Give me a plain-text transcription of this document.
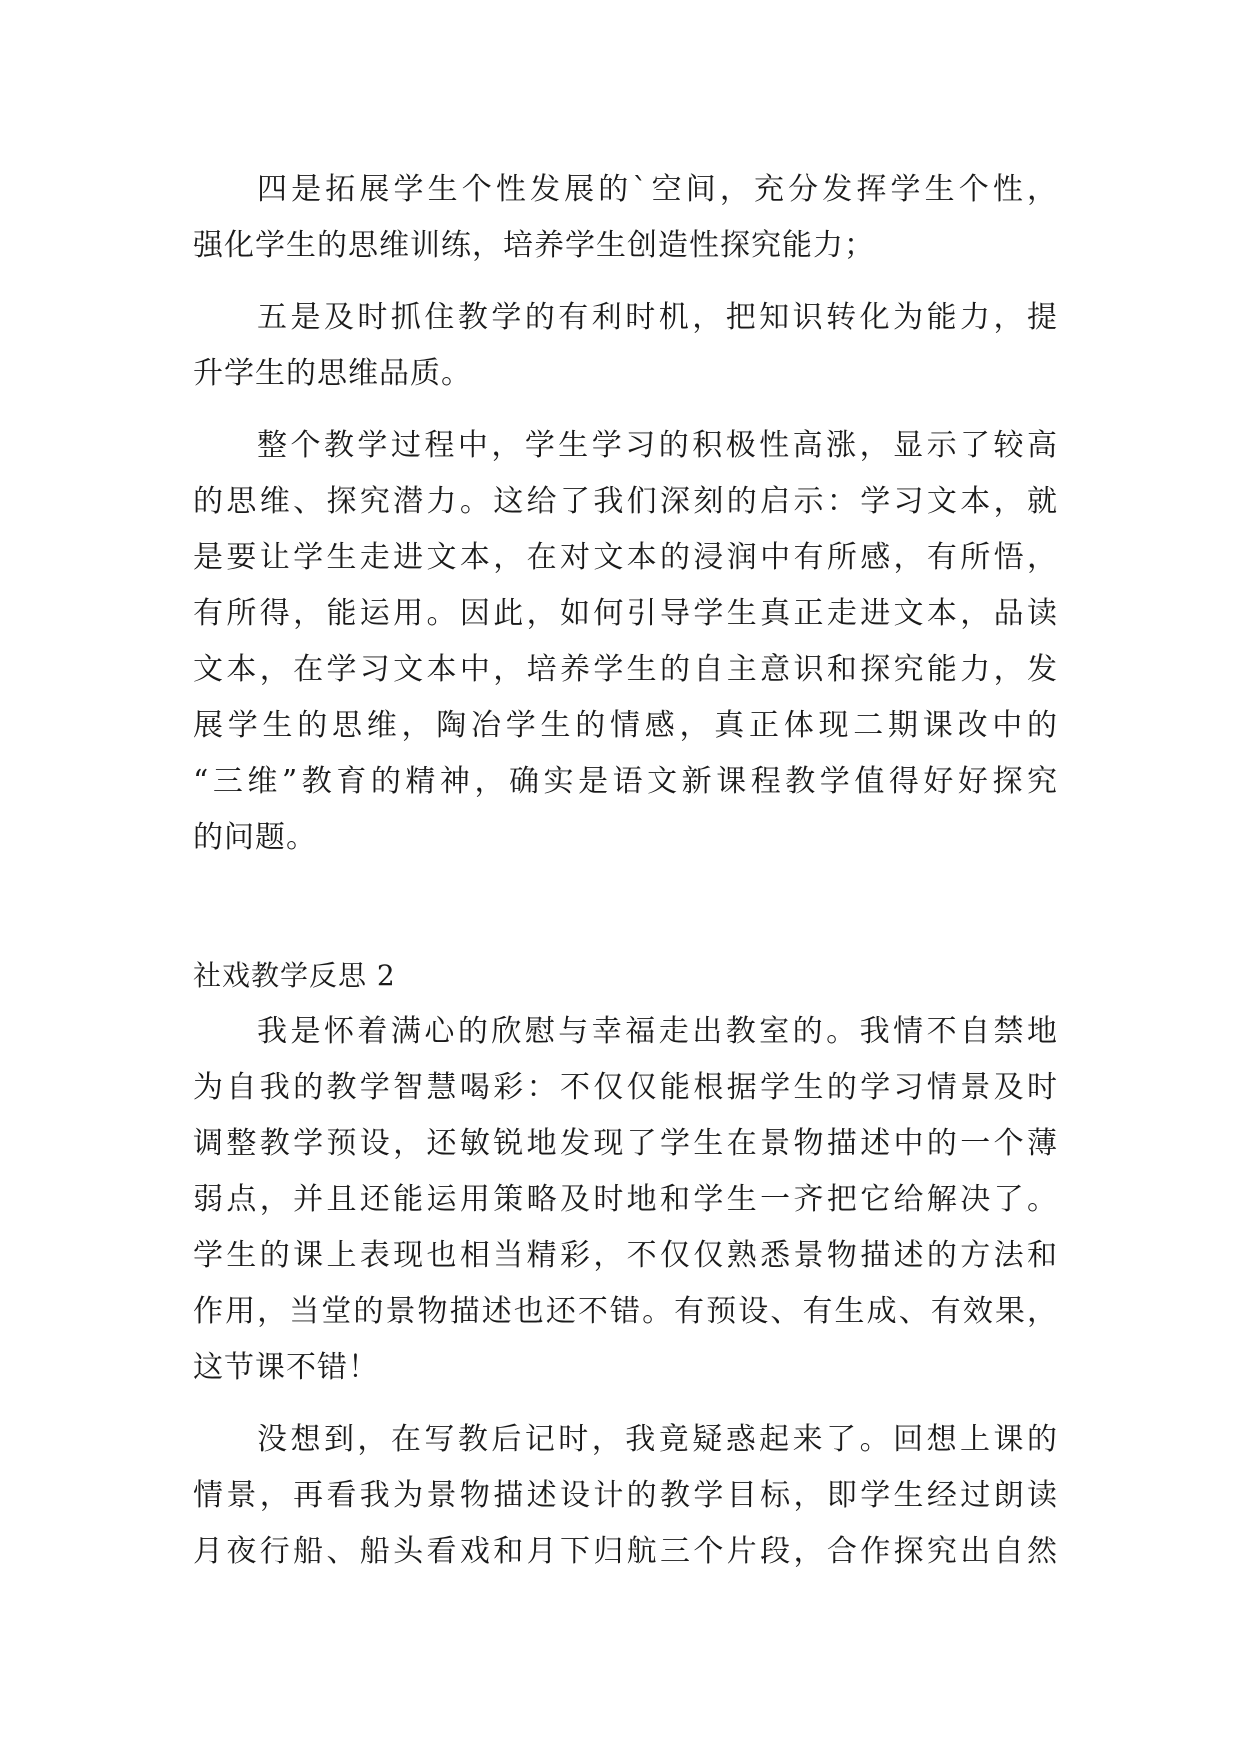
四是拓展学生个性发展的`空间，充分发挥学生个性，
强化学生的思维训练，培养学生创造性探究能力；
五是及时抓住教学的有利时机，把知识转化为能力，提
升学生的思维品质。
整个教学过程中，学生学习的积极性高涨，显示了较高
的思维、探究潜力。这给了我们深刻的启示：学习文本，就
是要让学生走进文本，在对文本的浸润中有所感，有所悟，
有所得，能运用。因此，如何引导学生真正走进文本，品读
文本，在学习文本中，培养学生的自主意识和探究能力，发
展学生的思维，陶冶学生的情感，真正体现二期课改中的
“三维”教育的精神，确实是语文新课程教学值得好好探究
的问题。
社戏教学反思 2
我是怀着满心的欣慰与幸福走出教室的。我情不自禁地
为自我的教学智慧喝彩：不仅仅能根据学生的学习情景及时
调整教学预设，还敏锐地发现了学生在景物描述中的一个薄
弱点，并且还能运用策略及时地和学生一齐把它给解决了。
学生的课上表现也相当精彩，不仅仅熟悉景物描述的方法和
作用，当堂的景物描述也还不错。有预设、有生成、有效果，
这节课不错！
没想到，在写教后记时，我竟疑惑起来了。回想上课的
情景，再看我为景物描述设计的教学目标，即学生经过朗读
月夜行船、船头看戏和月下归航三个片段，合作探究出自然
